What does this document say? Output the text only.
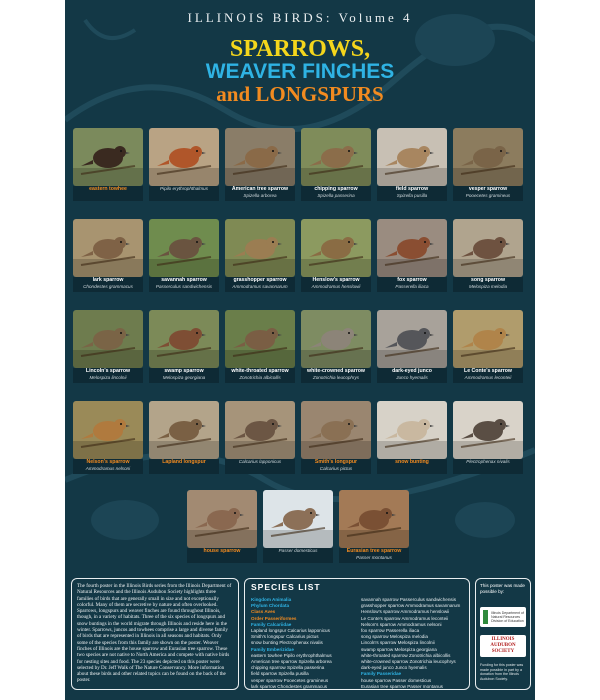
ILLINOIS BIRDS: Volume 4
SPARROWS,
WEAVER FINCHES
and LONGSPURS
eastern towhee	Pipilo erythrophthalmus	American tree sparrow
Spizella arborea
chipping sparrow
Spizella passerina
field sparrow
Spizella pusilla
vesper sparrow
Pooecetes gramineus
lark sparrow
Chondestes grammacus
savannah sparrow
Passerculus sandwichensis
grasshopper sparrow
Ammodramus savannarum
Henslow's sparrow
Ammodramus henslowii
fox sparrow
Passerella iliaca
song sparrow
Melospiza melodia
Lincoln's sparrow
Melospiza lincolnii
swamp sparrow
Melospiza georgiana
white-throated sparrow
Zonotrichia albicollis
white-crowned sparrow
Zonotrichia leucophrys
dark-eyed junco
Junco hyemalis
Le Conte's sparrow
Ammodramus leconteii
Nelson's sparrow
Ammodramus nelsoni
Lapland longspur	Calcarius lapponicus	Smith's longspur
Calcarius pictus
snow bunting	Plectrophenax nivalis
house sparrow	Passer domesticus	Eurasian tree sparrow
Passer montanus
The fourth poster in the Illinois Birds series from the Illinois Department of Natural Resources and the Illinois Audubon Society highlights three families of birds that are generally small in size and not exceptionally colorful. Many of them are secretive by nature and often overlooked. Sparrows, longspurs and weaver finches are found throughout Illinois, though, in a variety of habitats. Three of the six species of longspurs and snow buntings in the world migrate through Illinois and reside here in the winter. Sparrows, juncos and towhees comprise a large and diverse family of birds that are represented in Illinois in all seasons and habitats. Only some of the species from this family are shown on the poster. Weaver finches of Illinois are the house sparrow and Eurasian tree sparrow. These two species are not native to North America and compete with native birds for nesting sites and food. The 23 species depicted on this poster were selected by Dr. Jeff Walk of The Nature Conservancy. More information about these birds and other related topics can be found on the back of the poster.
SPECIES LIST
Kingdom Animalia
Phylum Chordata
Class Aves
Order Passeriformes
Family Calcariidae
Lapland longspur Calcarius lapponicus
Smith's longspur Calcarius pictus
snow bunting Plectrophenax nivalis
Family Emberizidae
eastern towhee Pipilo erythrophthalmus
American tree sparrow Spizella arborea
chipping sparrow Spizella passerina
field sparrow Spizella pusilla
vesper sparrow Pooecetes gramineus
lark sparrow Chondestes grammacus
savannah sparrow Passerculus sandwichensis
grasshopper sparrow Ammodramus savannarum
Henslow's sparrow Ammodramus henslowii
Le Conte's sparrow Ammodramus leconteii
Nelson's sparrow Ammodramus nelsoni
fox sparrow Passerella iliaca
song sparrow Melospiza melodia
Lincoln's sparrow Melospiza lincolnii
swamp sparrow Melospiza georgiana
white-throated sparrow Zonotrichia albicollis
white-crowned sparrow Zonotrichia leucophrys
dark-eyed junco Junco hyemalis
Family Passeridae
house sparrow Passer domesticus
Eurasian tree sparrow Passer montanus
This poster was made possible by:
Illinois Department of Natural Resources Division of Education
ILLINOIS
AUDUBON
SOCIETY
Funding for this poster was made possible in part by a donation from the Illinois Audubon Society.
